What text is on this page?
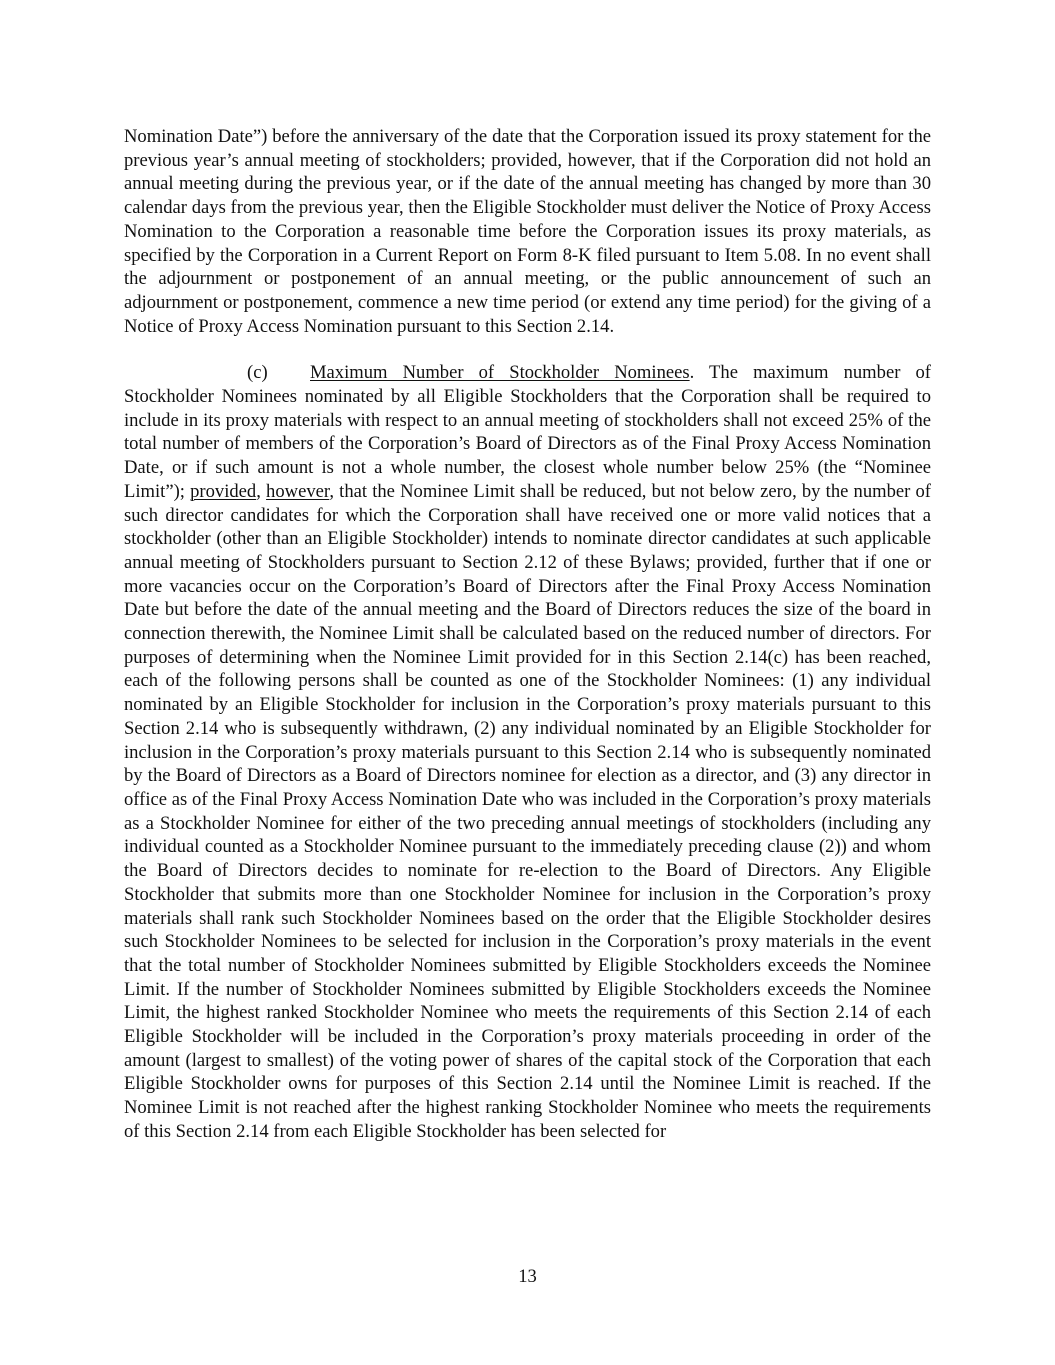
Nomination Date”) before the anniversary of the date that the Corporation issued its proxy statement for the previous year’s annual meeting of stockholders; provided, however, that if the Corporation did not hold an annual meeting during the previous year, or if the date of the annual meeting has changed by more than 30 calendar days from the previous year, then the Eligible Stockholder must deliver the Notice of Proxy Access Nomination to the Corporation a reasonable time before the Corporation issues its proxy materials, as specified by the Corporation in a Current Report on Form 8-K filed pursuant to Item 5.08. In no event shall the adjournment or postponement of an annual meeting, or the public announcement of such an adjournment or postponement, commence a new time period (or extend any time period) for the giving of a Notice of Proxy Access Nomination pursuant to this Section 2.14.

(c) Maximum Number of Stockholder Nominees. The maximum number of Stockholder Nominees nominated by all Eligible Stockholders that the Corporation shall be required to include in its proxy materials with respect to an annual meeting of stockholders shall not exceed 25% of the total number of members of the Corporation’s Board of Directors as of the Final Proxy Access Nomination Date, or if such amount is not a whole number, the closest whole number below 25% (the “Nominee Limit”); provided, however, that the Nominee Limit shall be reduced, but not below zero, by the number of such director candidates for which the Corporation shall have received one or more valid notices that a stockholder (other than an Eligible Stockholder) intends to nominate director candidates at such applicable annual meeting of Stockholders pursuant to Section 2.12 of these Bylaws; provided, further that if one or more vacancies occur on the Corporation’s Board of Directors after the Final Proxy Access Nomination Date but before the date of the annual meeting and the Board of Directors reduces the size of the board in connection therewith, the Nominee Limit shall be calculated based on the reduced number of directors. For purposes of determining when the Nominee Limit provided for in this Section 2.14(c) has been reached, each of the following persons shall be counted as one of the Stockholder Nominees: (1) any individual nominated by an Eligible Stockholder for inclusion in the Corporation’s proxy materials pursuant to this Section 2.14 who is subsequently withdrawn, (2) any individual nominated by an Eligible Stockholder for inclusion in the Corporation’s proxy materials pursuant to this Section 2.14 who is subsequently nominated by the Board of Directors as a Board of Directors nominee for election as a director, and (3) any director in office as of the Final Proxy Access Nomination Date who was included in the Corporation’s proxy materials as a Stockholder Nominee for either of the two preceding annual meetings of stockholders (including any individual counted as a Stockholder Nominee pursuant to the immediately preceding clause (2)) and whom the Board of Directors decides to nominate for re-election to the Board of Directors. Any Eligible Stockholder that submits more than one Stockholder Nominee for inclusion in the Corporation’s proxy materials shall rank such Stockholder Nominees based on the order that the Eligible Stockholder desires such Stockholder Nominees to be selected for inclusion in the Corporation’s proxy materials in the event that the total number of Stockholder Nominees submitted by Eligible Stockholders exceeds the Nominee Limit. If the number of Stockholder Nominees submitted by Eligible Stockholders exceeds the Nominee Limit, the highest ranked Stockholder Nominee who meets the requirements of this Section 2.14 of each Eligible Stockholder will be included in the Corporation’s proxy materials proceeding in order of the amount (largest to smallest) of the voting power of shares of the capital stock of the Corporation that each Eligible Stockholder owns for purposes of this Section 2.14 until the Nominee Limit is reached. If the Nominee Limit is not reached after the highest ranking Stockholder Nominee who meets the requirements of this Section 2.14 from each Eligible Stockholder has been selected for

13
